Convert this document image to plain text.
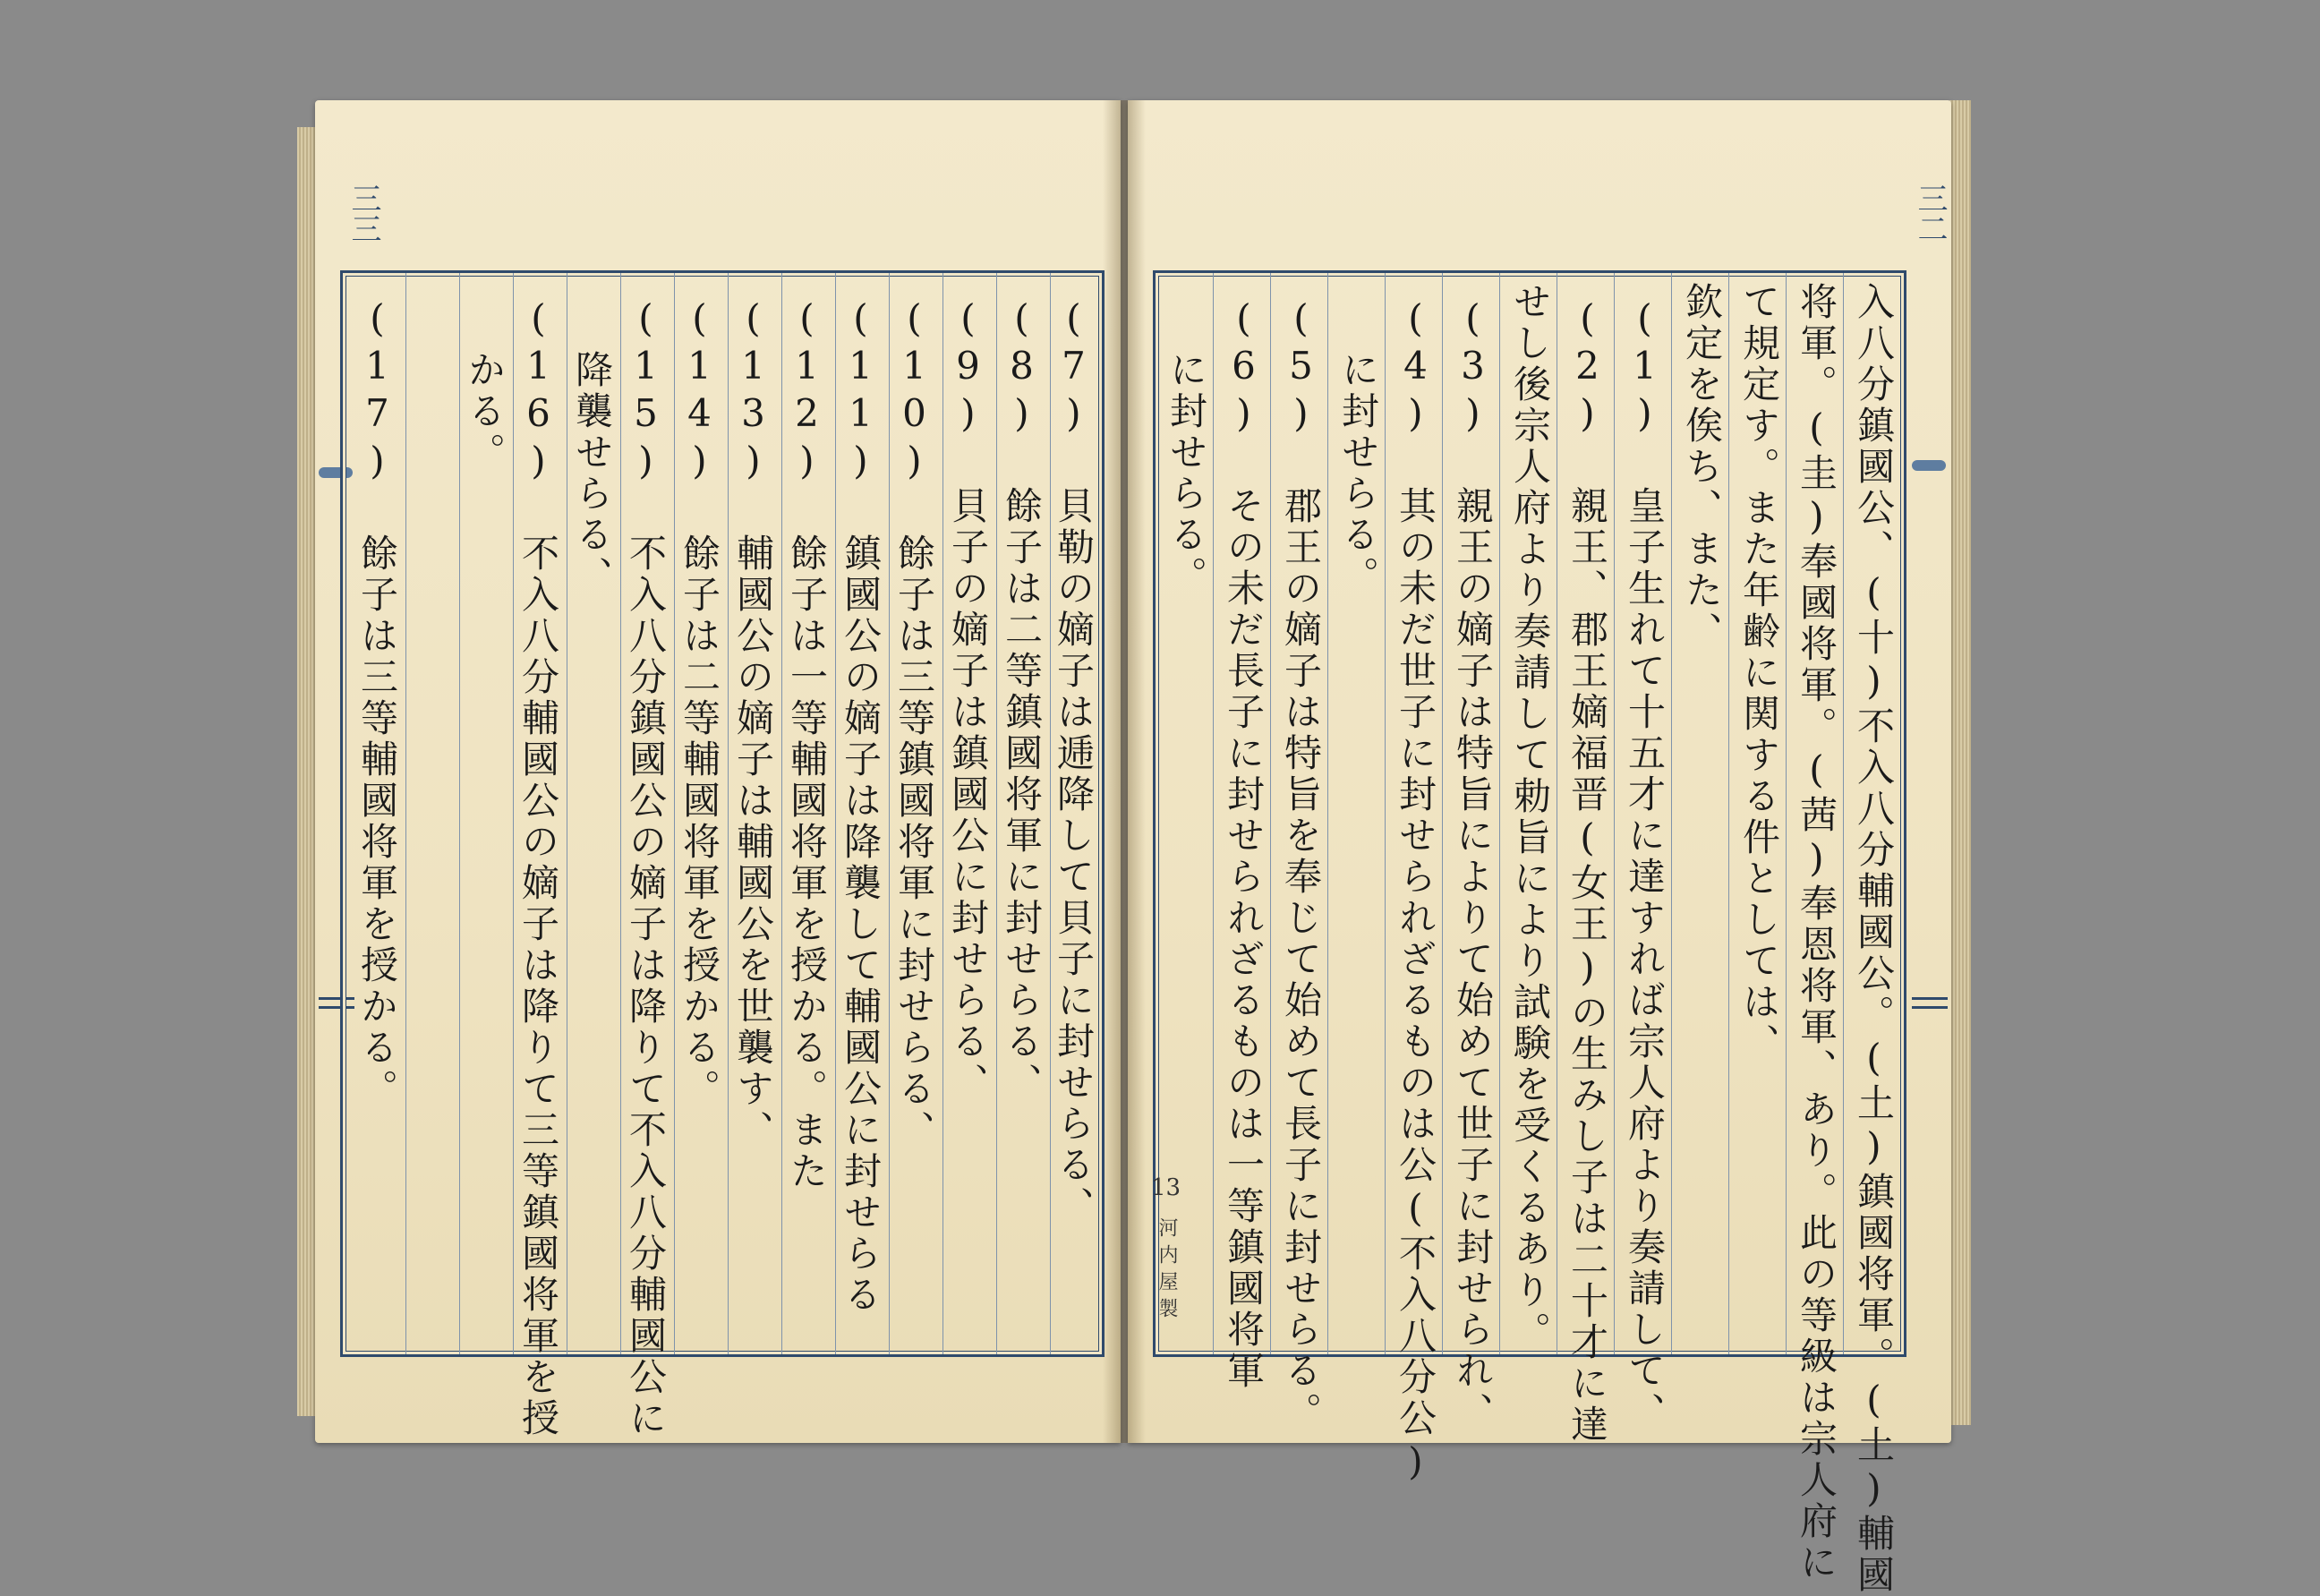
三三
(7) 貝勒の嫡子は逓降して貝子に封せらる、
(8) 餘子は二等鎮國将軍に封せらる、
(9) 貝子の嫡子は鎮國公に封せらる、
(10) 餘子は三等鎮國将軍に封せらる、
(11) 鎮國公の嫡子は降襲して輔國公に封せらる
(12) 餘子は一等輔國将軍を授かる。また
(13) 輔國公の嫡子は輔國公を世襲す、
(14) 餘子は二等輔國将軍を授かる。
(15) 不入八分鎮國公の嫡子は降りて不入八分輔國公に
降襲せらる、
(16) 不入八分輔國公の嫡子は降りて三等鎮國将軍を授
かる。
(17) 餘子は三等輔國将軍を授かる。
三二
入八分鎮國公、(十)不入八分輔國公。(土)鎮國将軍。(土)輔國
将軍。(圭)奉國将軍。(茜)奉恩将軍、あり。此の等級は宗人府に
て規定す。また年齢に関する件としては、
欽定を俟ち、また、
(1) 皇子生れて十五才に達すれば宗人府より奏請して、
(2) 親王、郡王嫡福晋(女王)の生みし子は二十才に達
せし後宗人府より奏請して勅旨により試験を受くるあり。
(3) 親王の嫡子は特旨によりて始めて世子に封せられ、
(4) 其の未だ世子に封せられざるものは公(不入八分公)
に封せらる。
(5) 郡王の嫡子は特旨を奉じて始めて長子に封せらる。
(6) その未だ長子に封せられざるものは一等鎮國将軍
に封せらる。
13
河内屋製
